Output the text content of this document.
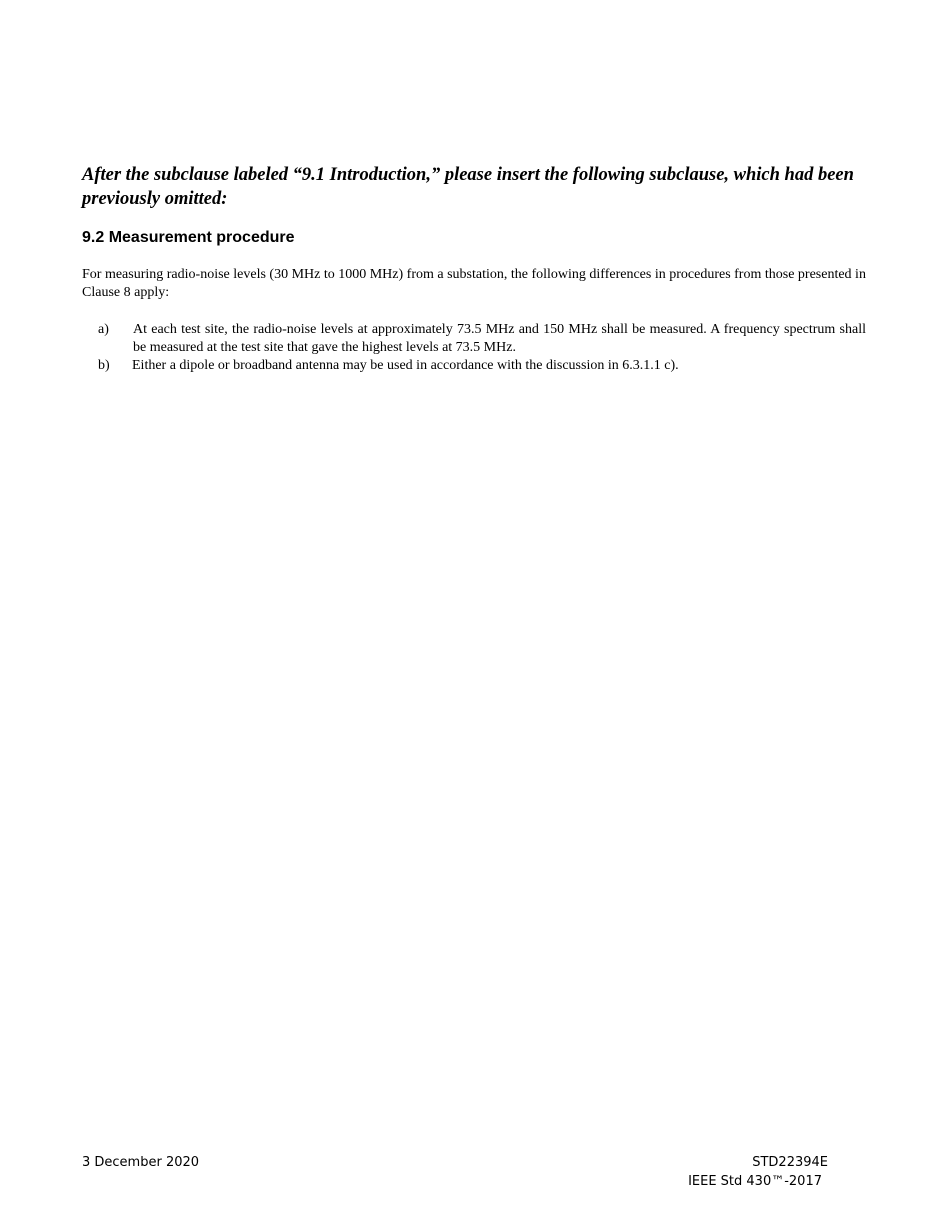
After the subclause labeled “9.1 Introduction,” please insert the following subclause, which had been previously omitted:

9.2 Measurement procedure

For measuring radio-noise levels (30 MHz to 1000 MHz) from a substation, the following differences in procedures from those presented in Clause 8 apply:

a) At each test site, the radio-noise levels at approximately 73.5 MHz and 150 MHz shall be measured. A frequency spectrum shall be measured at the test site that gave the highest levels at 73.5 MHz.
b) Either a dipole or broadband antenna may be used in accordance with the discussion in 6.3.1.1 c).
3 December 2020	STD22394E
IEEE Std 430™-2017
